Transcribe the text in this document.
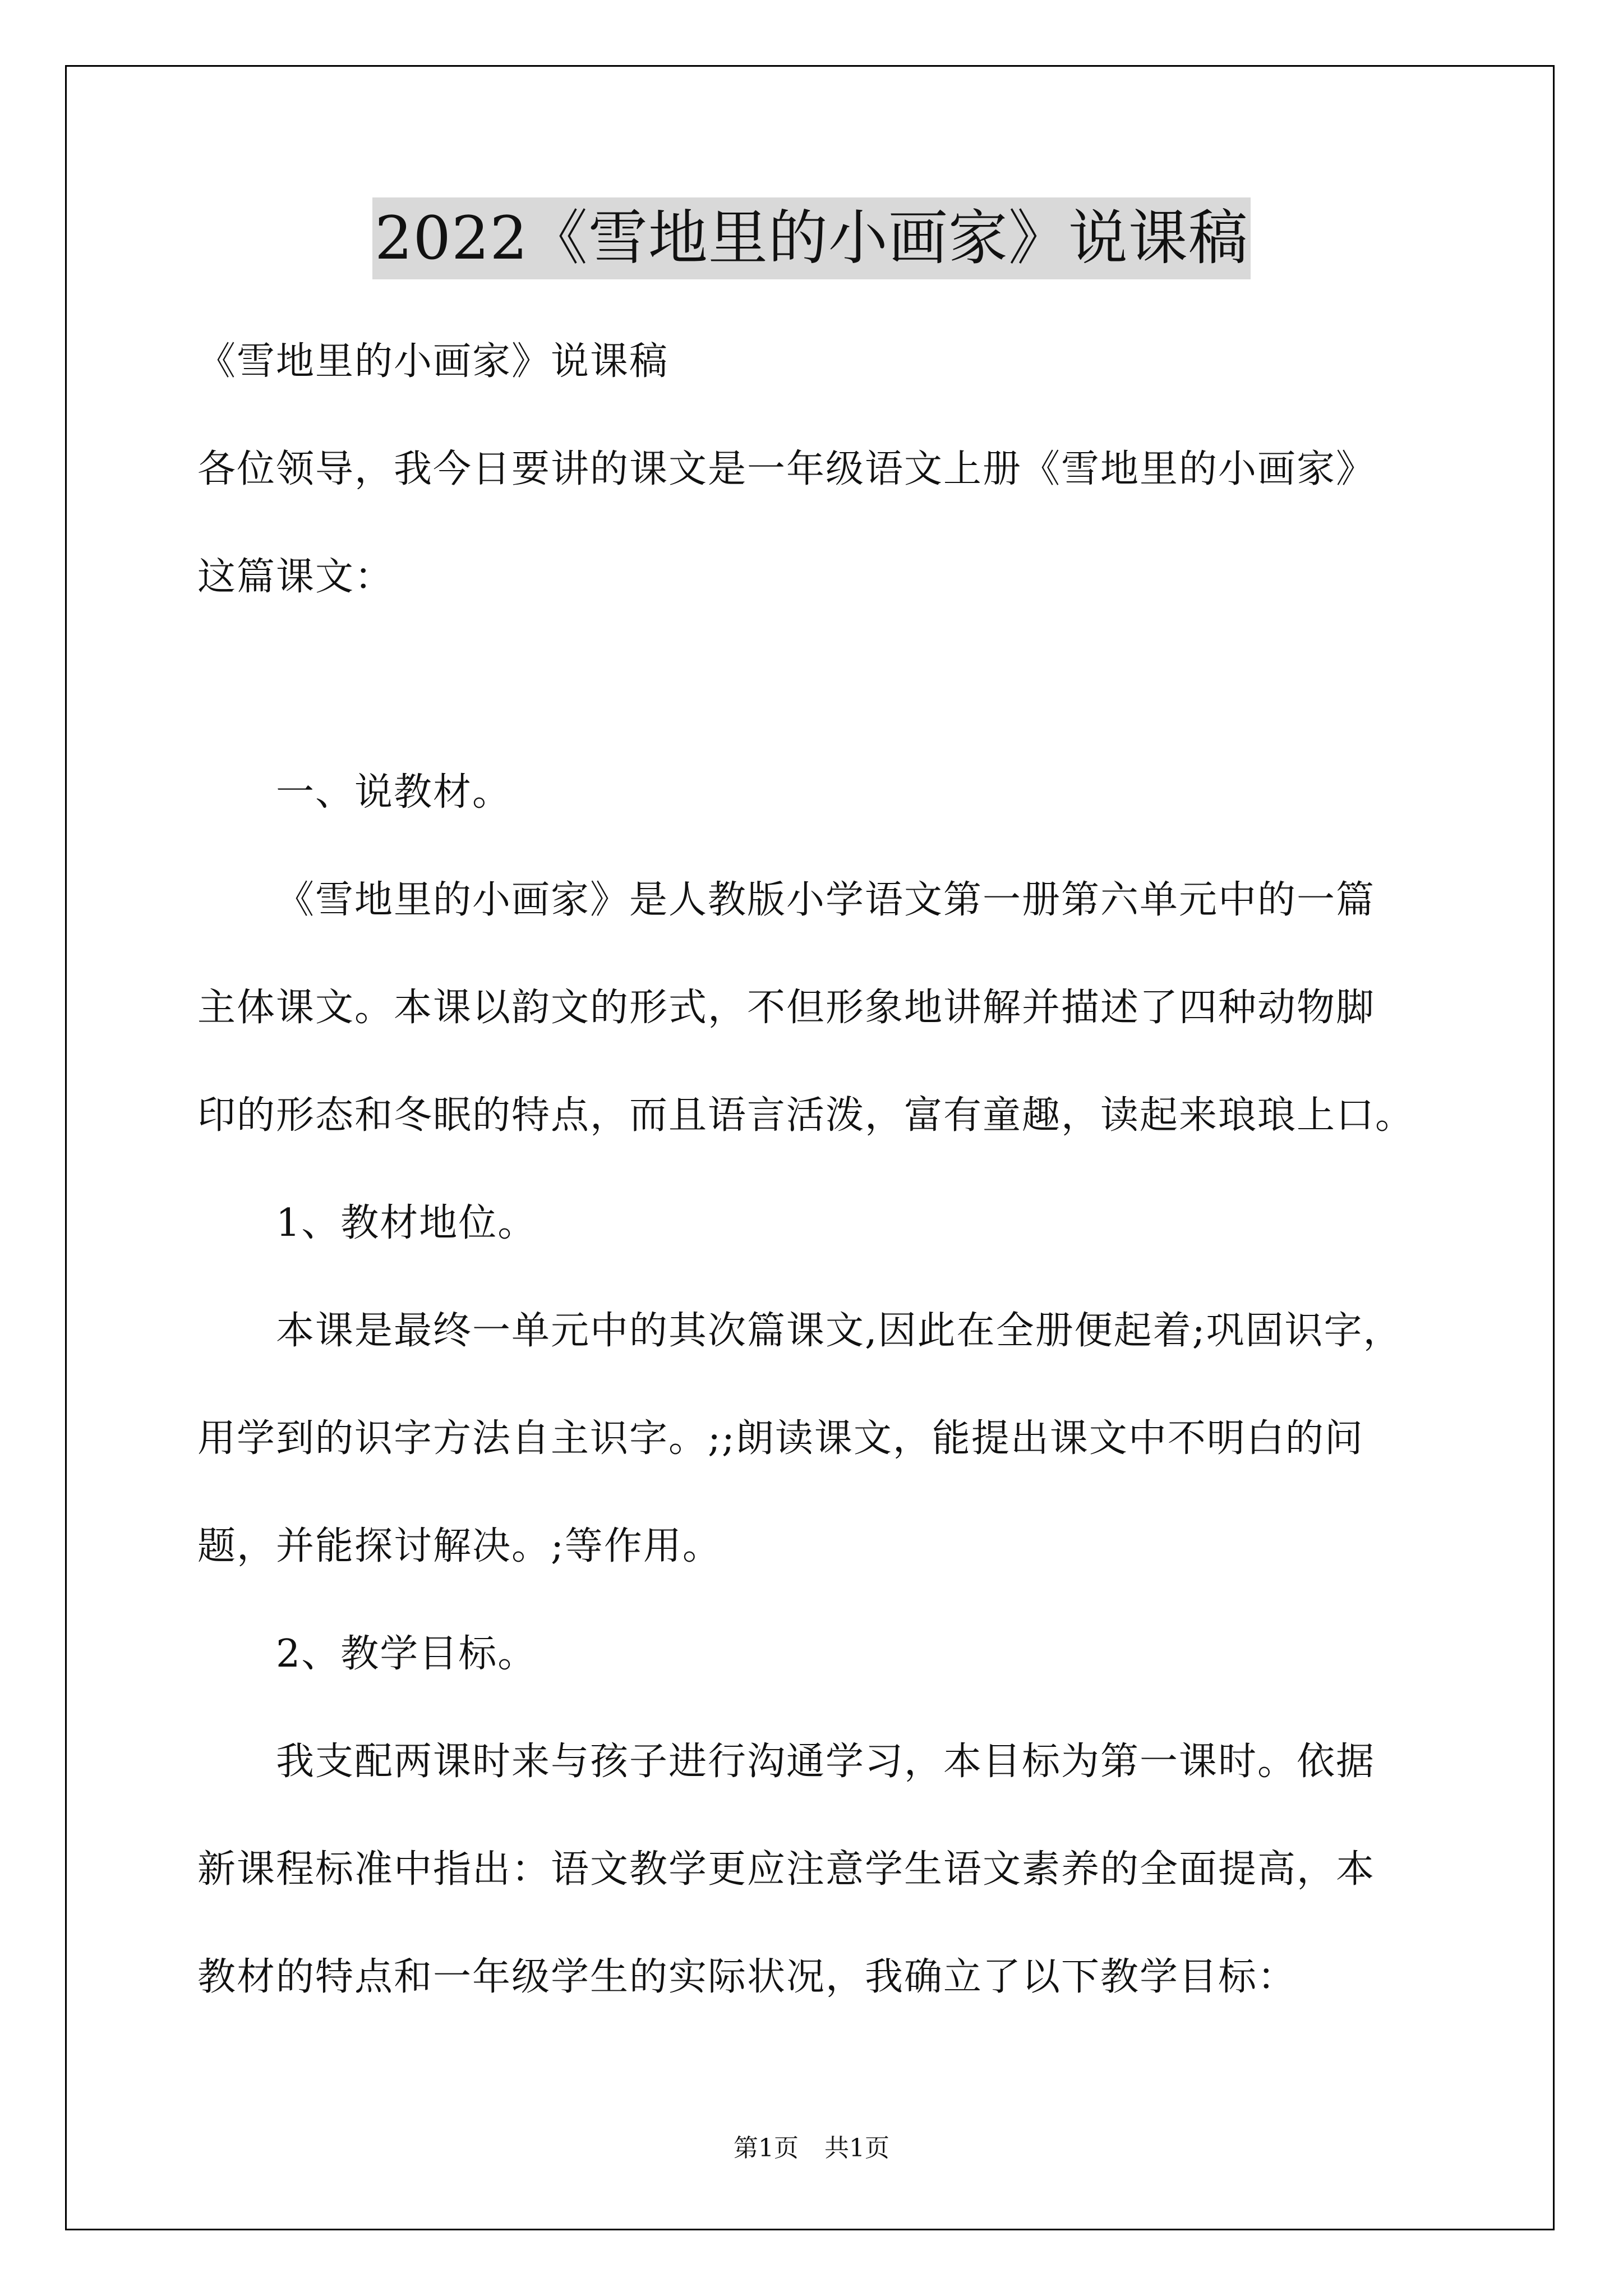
2022《雪地里的小画家》说课稿
《雪地里的小画家》说课稿
各位领导，我今日要讲的课文是一年级语文上册《雪地里的小画家》
这篇课文：
一、说教材。
《雪地里的小画家》是人教版小学语文第一册第六单元中的一篇
主体课文。本课以韵文的形式，不但形象地讲解并描述了四种动物脚
印的形态和冬眠的特点，而且语言活泼，富有童趣，读起来琅琅上口。
1、教材地位。
本课是最终一单元中的其次篇课文,因此在全册便起着;巩固识字，
用学到的识字方法自主识字。;;朗读课文，能提出课文中不明白的问
题，并能探讨解决。;等作用。
2、教学目标。
我支配两课时来与孩子进行沟通学习，本目标为第一课时。依据
新课程标准中指出：语文教学更应注意学生语文素养的全面提高，本
教材的特点和一年级学生的实际状况，我确立了以下教学目标：
第1页 共1页
